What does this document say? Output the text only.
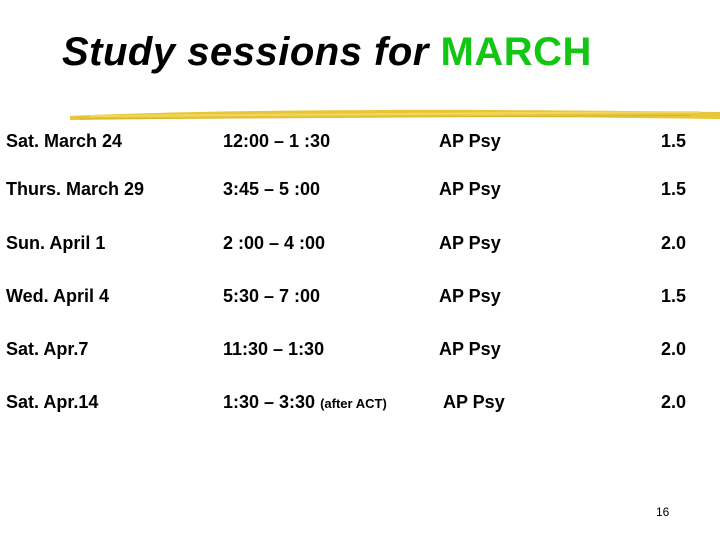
Study sessions for MARCH
Sat. March 24	12:00 – 1 :30	AP Psy	1.5
Thurs. March 29	3:45 – 5 :00	AP Psy	1.5
Sun. April 1	2 :00 – 4 :00	AP Psy	2.0
Wed. April 4	5:30 – 7 :00	AP Psy	1.5
Sat. Apr.7	11:30 – 1:30	AP Psy	2.0
Sat. Apr.14	1:30 – 3:30 (after ACT)	AP Psy	2.0
16
